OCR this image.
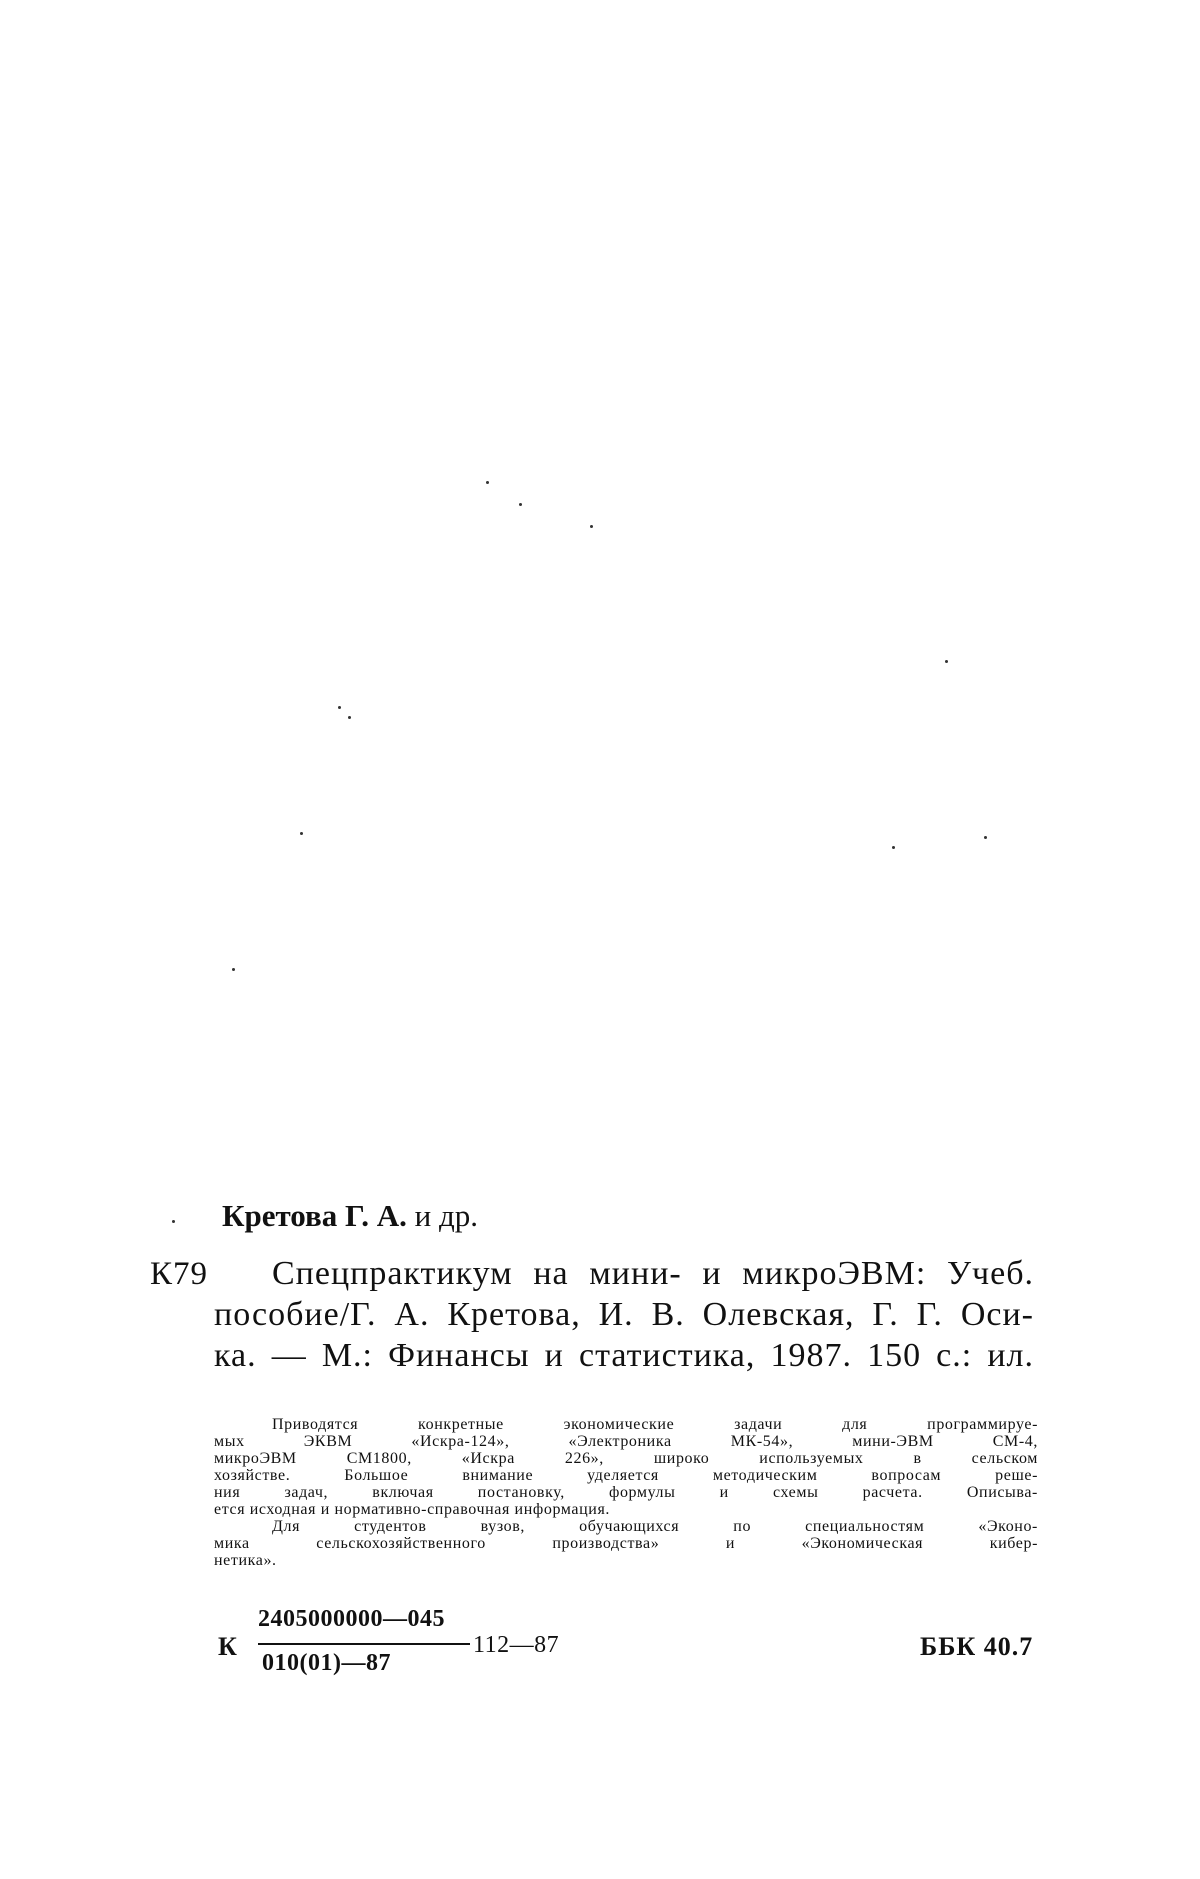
Кретова Г. А. и др.
К79 Спецпрактикум на мини- и микроЭВМ: Учеб.
пособие/Г. А. Кретова, И. В. Олевская, Г. Г. Оси-
ка. — М.: Финансы и статистика, 1987. 150 с.: ил.
Приводятся конкретные экономические задачи для программируе-
мых ЭКВМ «Искра-124», «Электроника МК-54», мини-ЭВМ СМ-4,
микроЭВМ СМ1800, «Искра 226», широко используемых в сельском
хозяйстве. Большое внимание уделяется методическим вопросам реше-
ния задач, включая постановку, формулы и схемы расчета. Описыва-
ется исходная и нормативно-справочная информация.
Для студентов вузов, обучающихся по специальностям «Эконо-
мика сельскохозяйственного производства» и «Экономическая кибер-
нетика».
К
2405000000—045
010(01)—87
112—87	ББК 40.7
